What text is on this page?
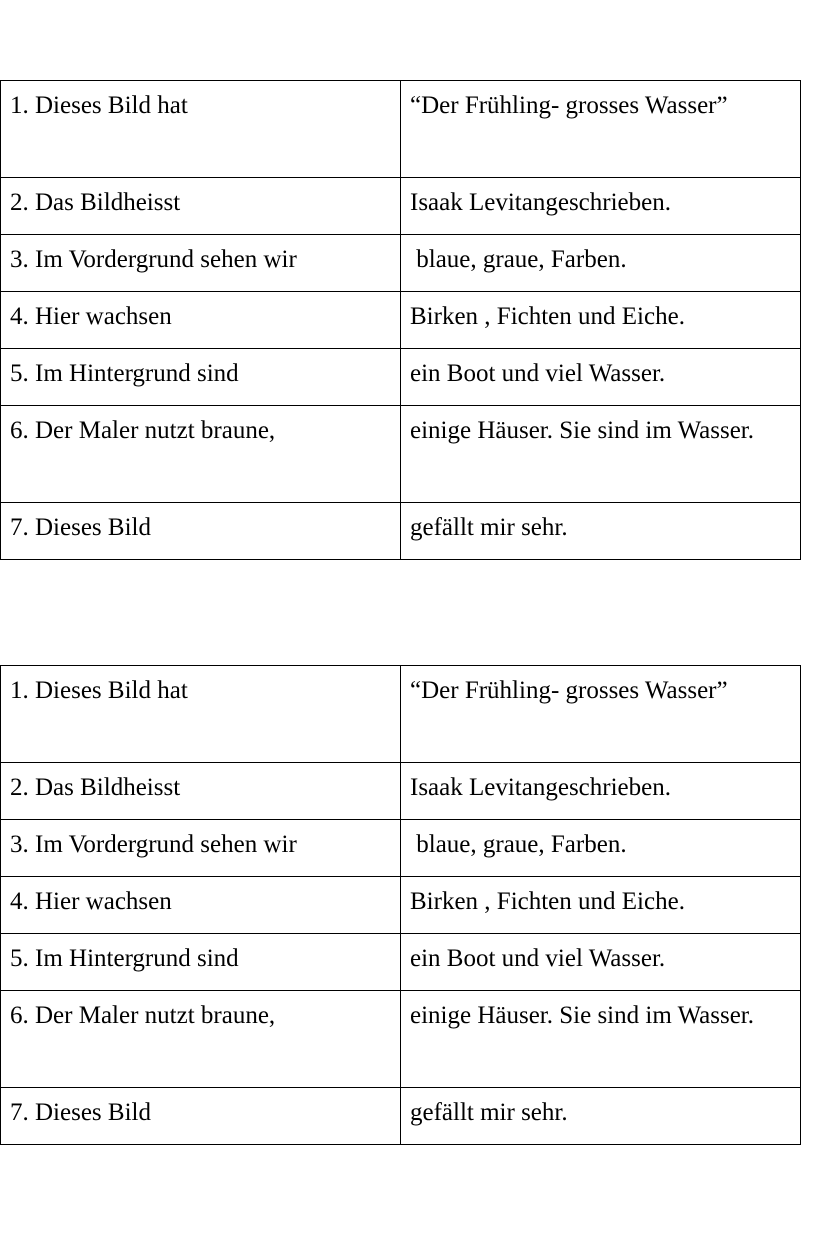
1. Dieses Bild hat	“Der Frühling- grosses Wasser”
2. Das Bildheisst	Isaak Levitangeschrieben.
3. Im Vordergrund sehen wir	blaue, graue, Farben.
4. Hier wachsen	Birken , Fichten und Eiche.
5. Im Hintergrund sind	ein Boot und viel Wasser.
6. Der Maler nutzt braune,	einige Häuser. Sie sind im Wasser.
7. Dieses Bild	gefällt mir sehr.
1. Dieses Bild hat	“Der Frühling- grosses Wasser”
2. Das Bildheisst	Isaak Levitangeschrieben.
3. Im Vordergrund sehen wir	blaue, graue, Farben.
4. Hier wachsen	Birken , Fichten und Eiche.
5. Im Hintergrund sind	ein Boot und viel Wasser.
6. Der Maler nutzt braune,	einige Häuser. Sie sind im Wasser.
7. Dieses Bild	gefällt mir sehr.
